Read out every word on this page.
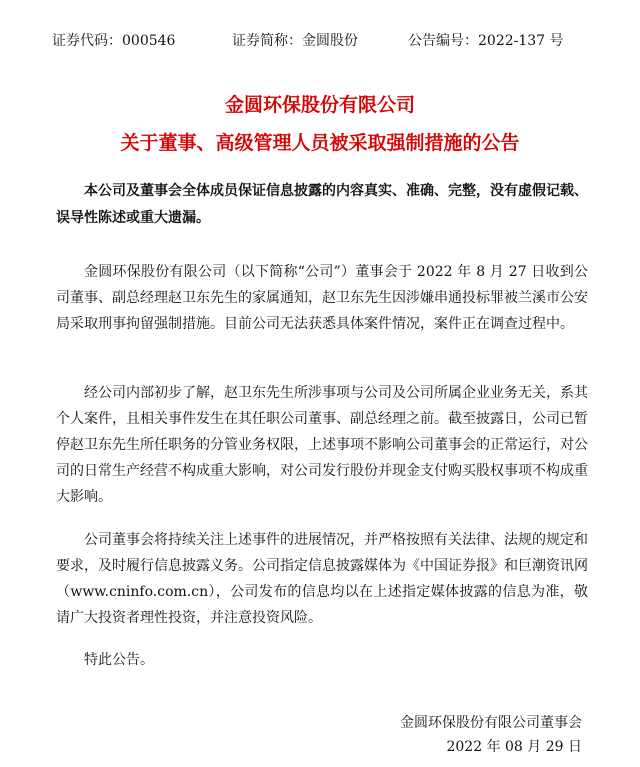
证券代码：000546	证券简称：金圆股份	公告编号：2022-137 号
金圆环保股份有限公司
关于董事、高级管理人员被采取强制措施的公告
本公司及董事会全体成员保证信息披露的内容真实、准确、完整，没有虚假记载、误导性陈述或重大遗漏。

金圆环保股份有限公司（以下简称“公司”）董事会于 2022 年 8 月 27 日收到公司董事、副总经理赵卫东先生的家属通知，赵卫东先生因涉嫌串通投标罪被兰溪市公安局采取刑事拘留强制措施。目前公司无法获悉具体案件情况，案件正在调查过程中。

经公司内部初步了解，赵卫东先生所涉事项与公司及公司所属企业业务无关，系其个人案件，且相关事件发生在其任职公司董事、副总经理之前。截至披露日，公司已暂停赵卫东先生所任职务的分管业务权限，上述事项不影响公司董事会的正常运行，对公司的日常生产经营不构成重大影响，对公司发行股份并现金支付购买股权事项不构成重大影响。

公司董事会将持续关注上述事件的进展情况，并严格按照有关法律、法规的规定和要求，及时履行信息披露义务。公司指定信息披露媒体为《中国证券报》和巨潮资讯网（www.cninfo.com.cn），公司发布的信息均以在上述指定媒体披露的信息为准，敬请广大投资者理性投资，并注意投资风险。

特此公告。

金圆环保股份有限公司董事会
2022 年 08 月 29 日
